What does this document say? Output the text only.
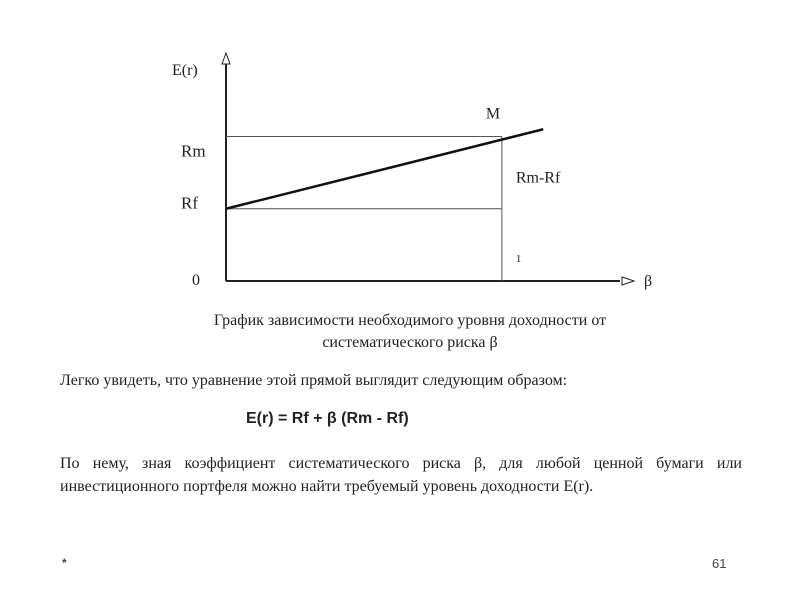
E(r)
M
Rm
Rf
Rm-Rf
1
0	β
График зависимости необходимого уровня доходности от
систематического риска β
Легко увидеть, что уравнение этой прямой выглядит следующим образом:
E(r) = Rf + β (Rm - Rf)
По нему, зная коэффициент систематического риска β, для любой ценной бумаги или инвестиционного портфеля можно найти требуемый уровень доходности E(r).
*	61
